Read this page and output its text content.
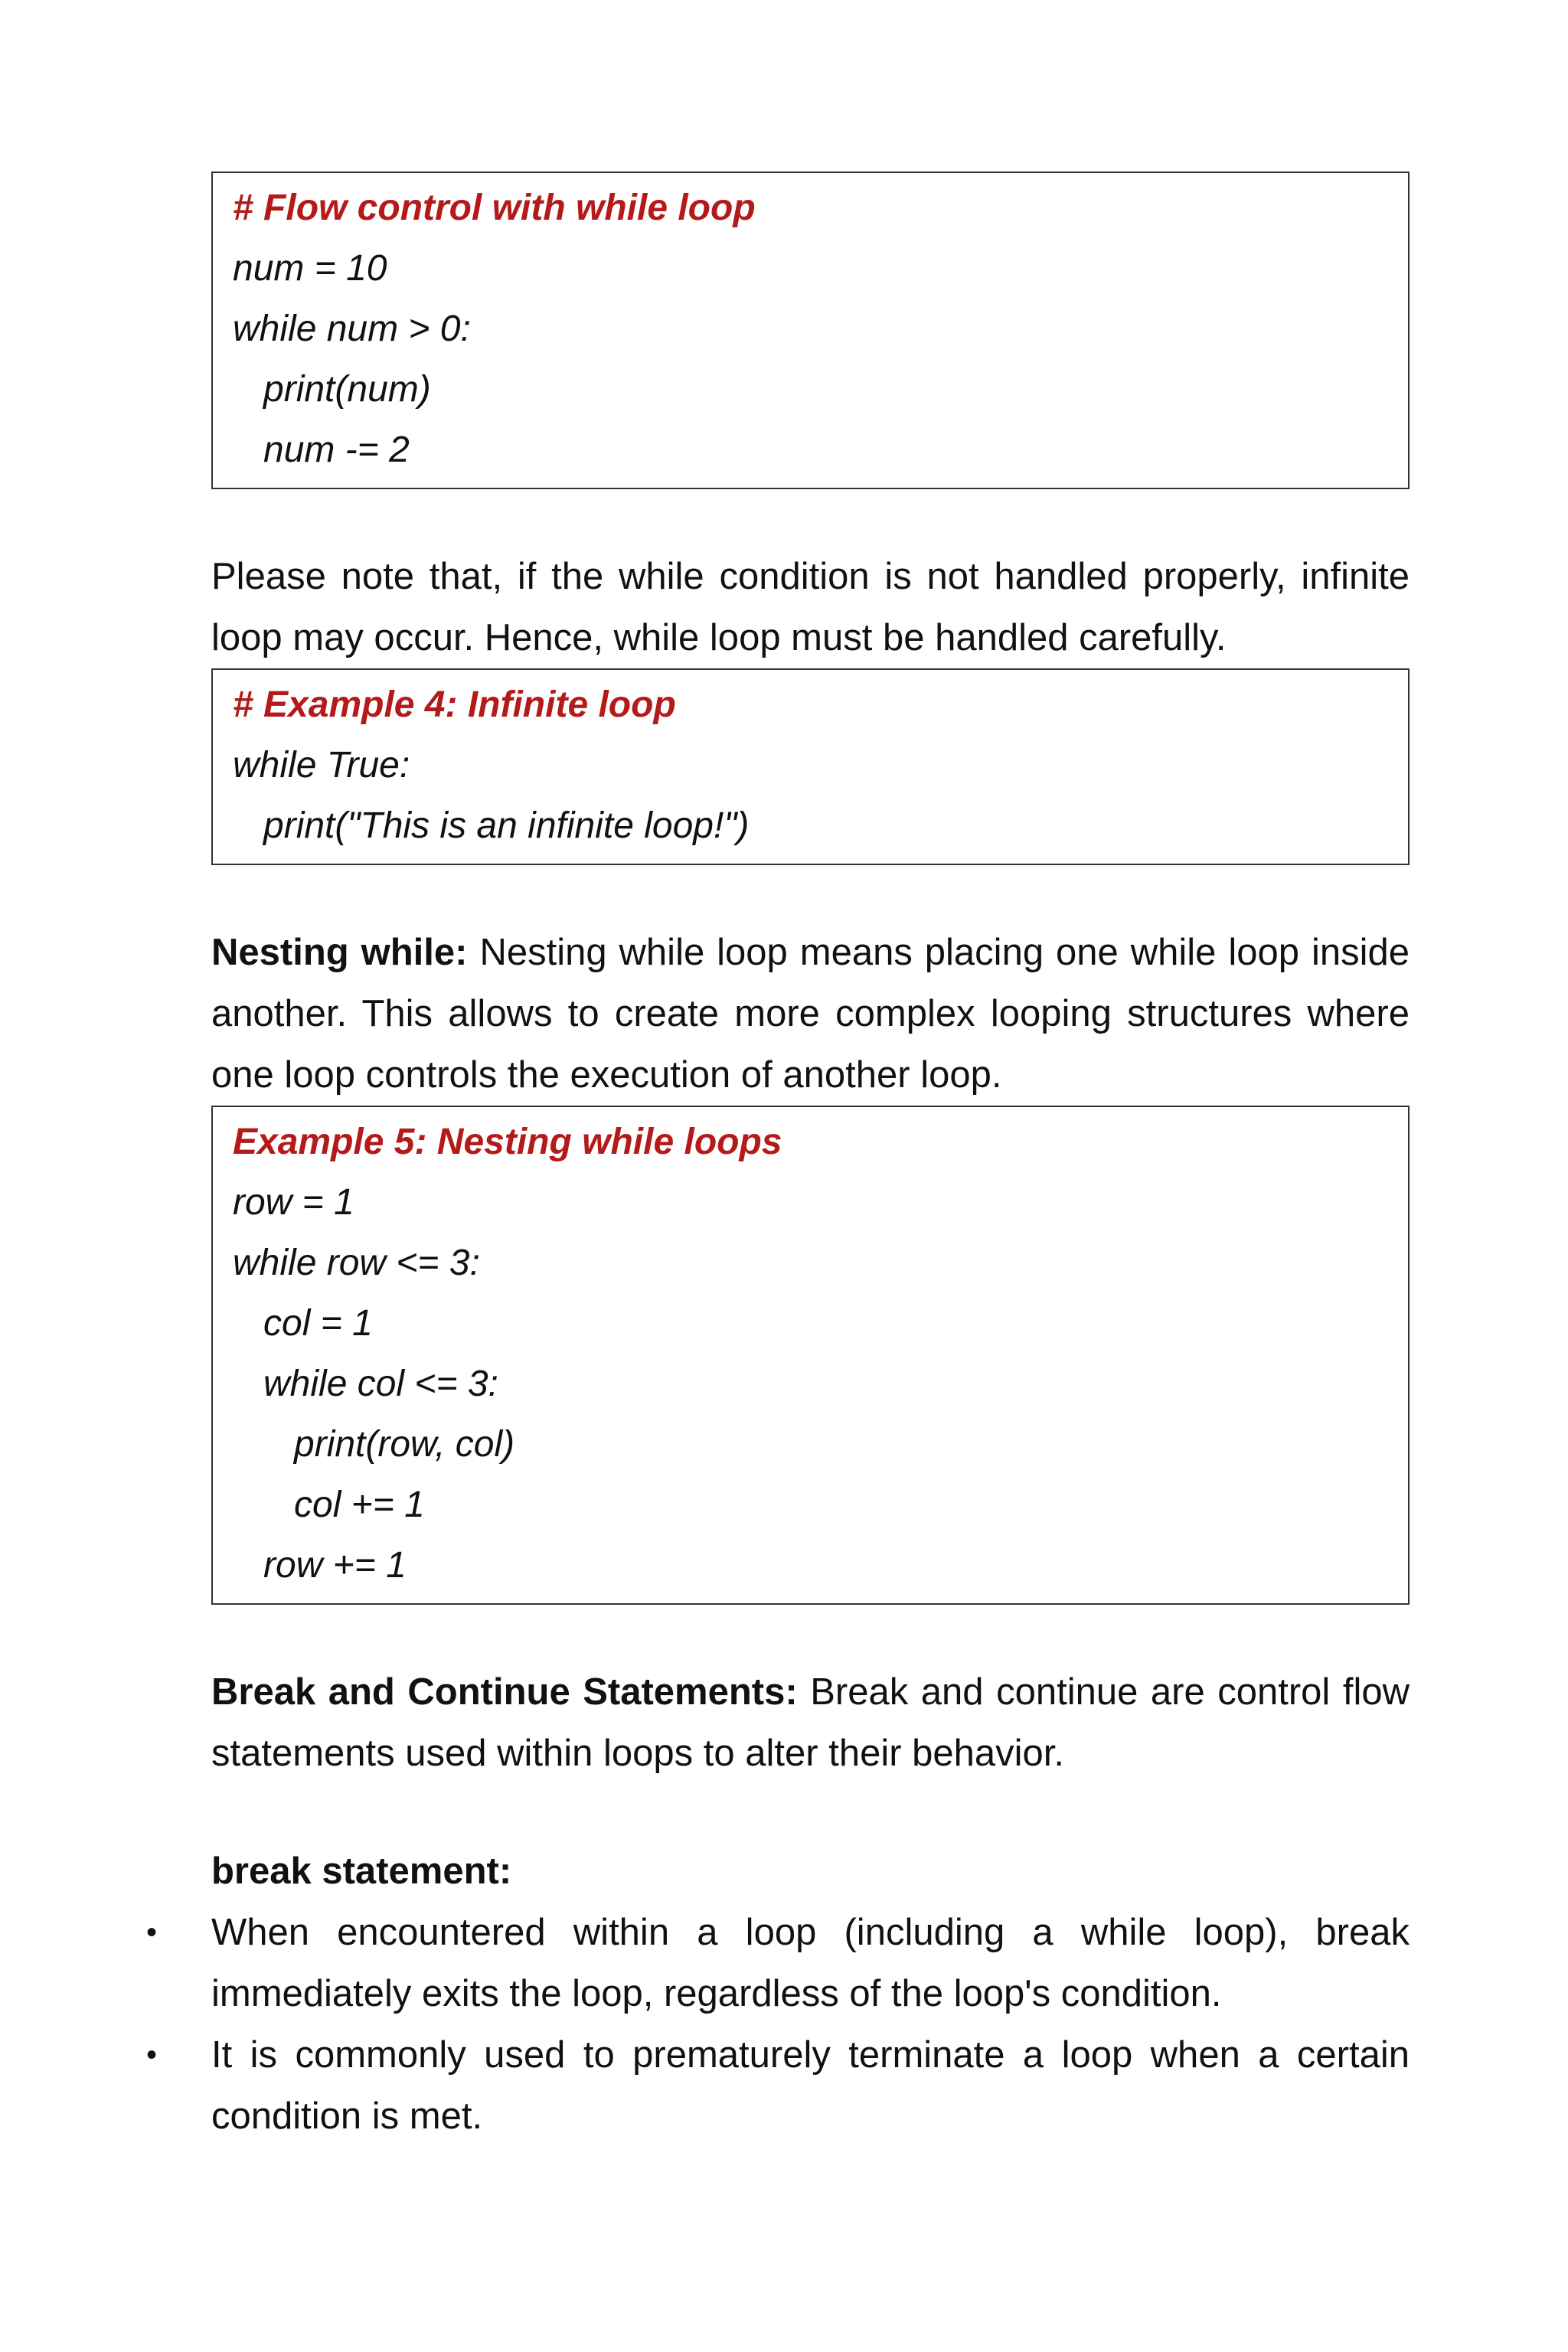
# Flow control with while loop
num = 10
while num > 0:
print(num)
num -= 2

Please note that, if the while condition is not handled properly, infinite loop may occur. Hence, while loop must be handled carefully.

# Example 4: Infinite loop
while True:
print("This is an infinite loop!")

Nesting while: Nesting while loop means placing one while loop inside another. This allows to create more complex looping structures where one loop controls the execution of another loop.

Example 5: Nesting while loops
row = 1
while row <= 3:
col = 1
while col <= 3:
print(row, col)
col += 1
row += 1

Break and Continue Statements: Break and continue are control flow statements used within loops to alter their behavior.

break statement:

• When encountered within a loop (including a while loop), break immediately exits the loop, regardless of the loop's condition.
• It is commonly used to prematurely terminate a loop when a certain condition is met.
